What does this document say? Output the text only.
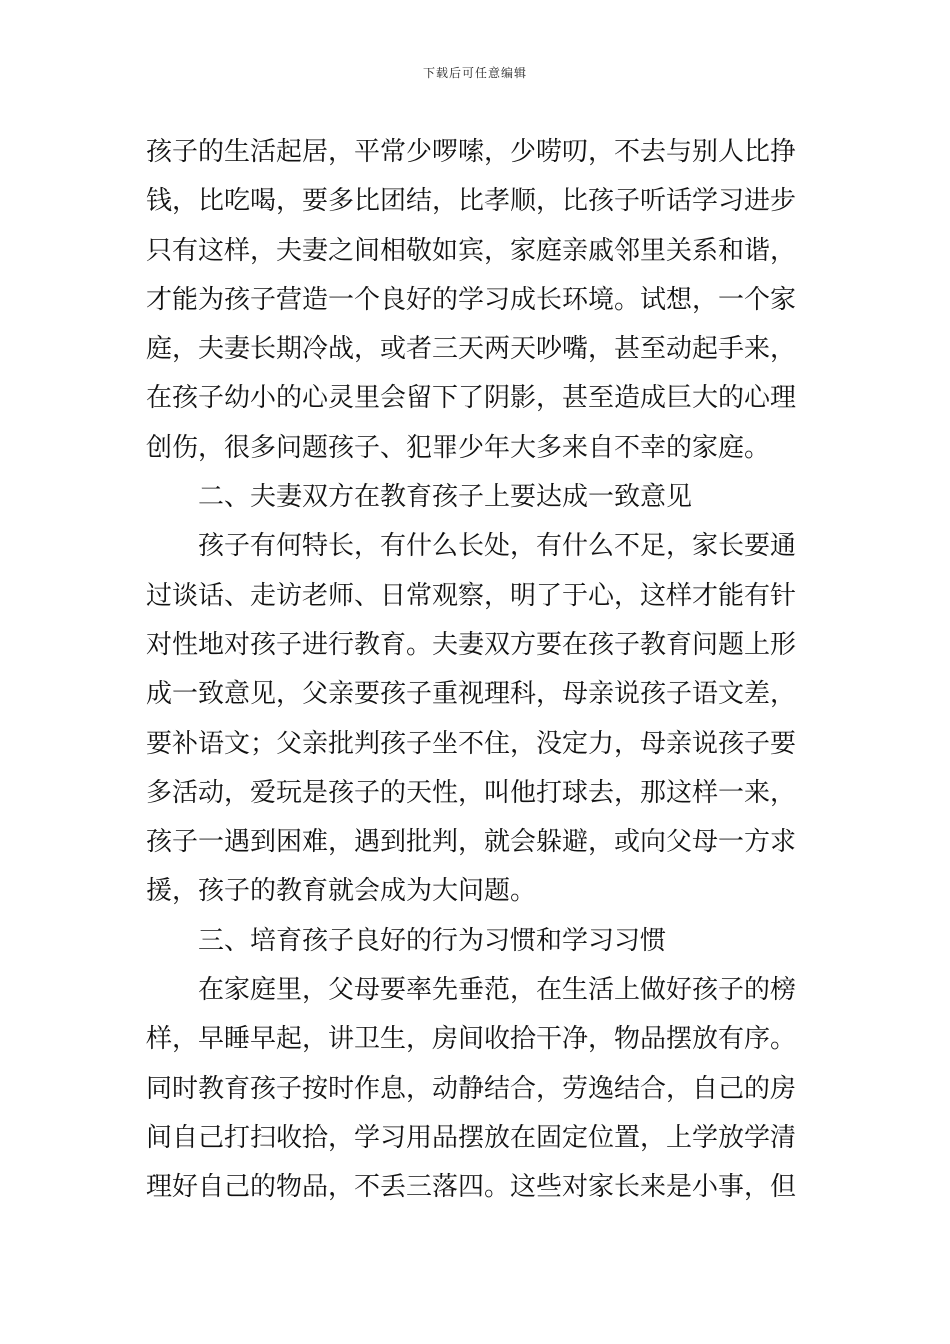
下载后可任意编辑
孩子的生活起居，平常少啰嗦，少唠叨，不去与别人比挣
钱，比吃喝，要多比团结，比孝顺，比孩子听话学习进步
只有这样，夫妻之间相敬如宾，家庭亲戚邻里关系和谐，
才能为孩子营造一个良好的学习成长环境。试想，一个家
庭，夫妻长期冷战，或者三天两天吵嘴，甚至动起手来，
在孩子幼小的心灵里会留下了阴影，甚至造成巨大的心理
创伤，很多问题孩子、犯罪少年大多来自不幸的家庭。
二、夫妻双方在教育孩子上要达成一致意见
孩子有何特长，有什么长处，有什么不足，家长要通
过谈话、走访老师、日常观察，明了于心，这样才能有针
对性地对孩子进行教育。夫妻双方要在孩子教育问题上形
成一致意见，父亲要孩子重视理科，母亲说孩子语文差，
要补语文；父亲批判孩子坐不住，没定力，母亲说孩子要
多活动，爱玩是孩子的天性，叫他打球去，那这样一来，
孩子一遇到困难，遇到批判，就会躲避，或向父母一方求
援，孩子的教育就会成为大问题。
三、培育孩子良好的行为习惯和学习习惯
在家庭里，父母要率先垂范，在生活上做好孩子的榜
样，早睡早起，讲卫生，房间收拾干净，物品摆放有序。
同时教育孩子按时作息，动静结合，劳逸结合，自己的房
间自己打扫收拾，学习用品摆放在固定位置，上学放学清
理好自己的物品，不丢三落四。这些对家长来是小事，但
